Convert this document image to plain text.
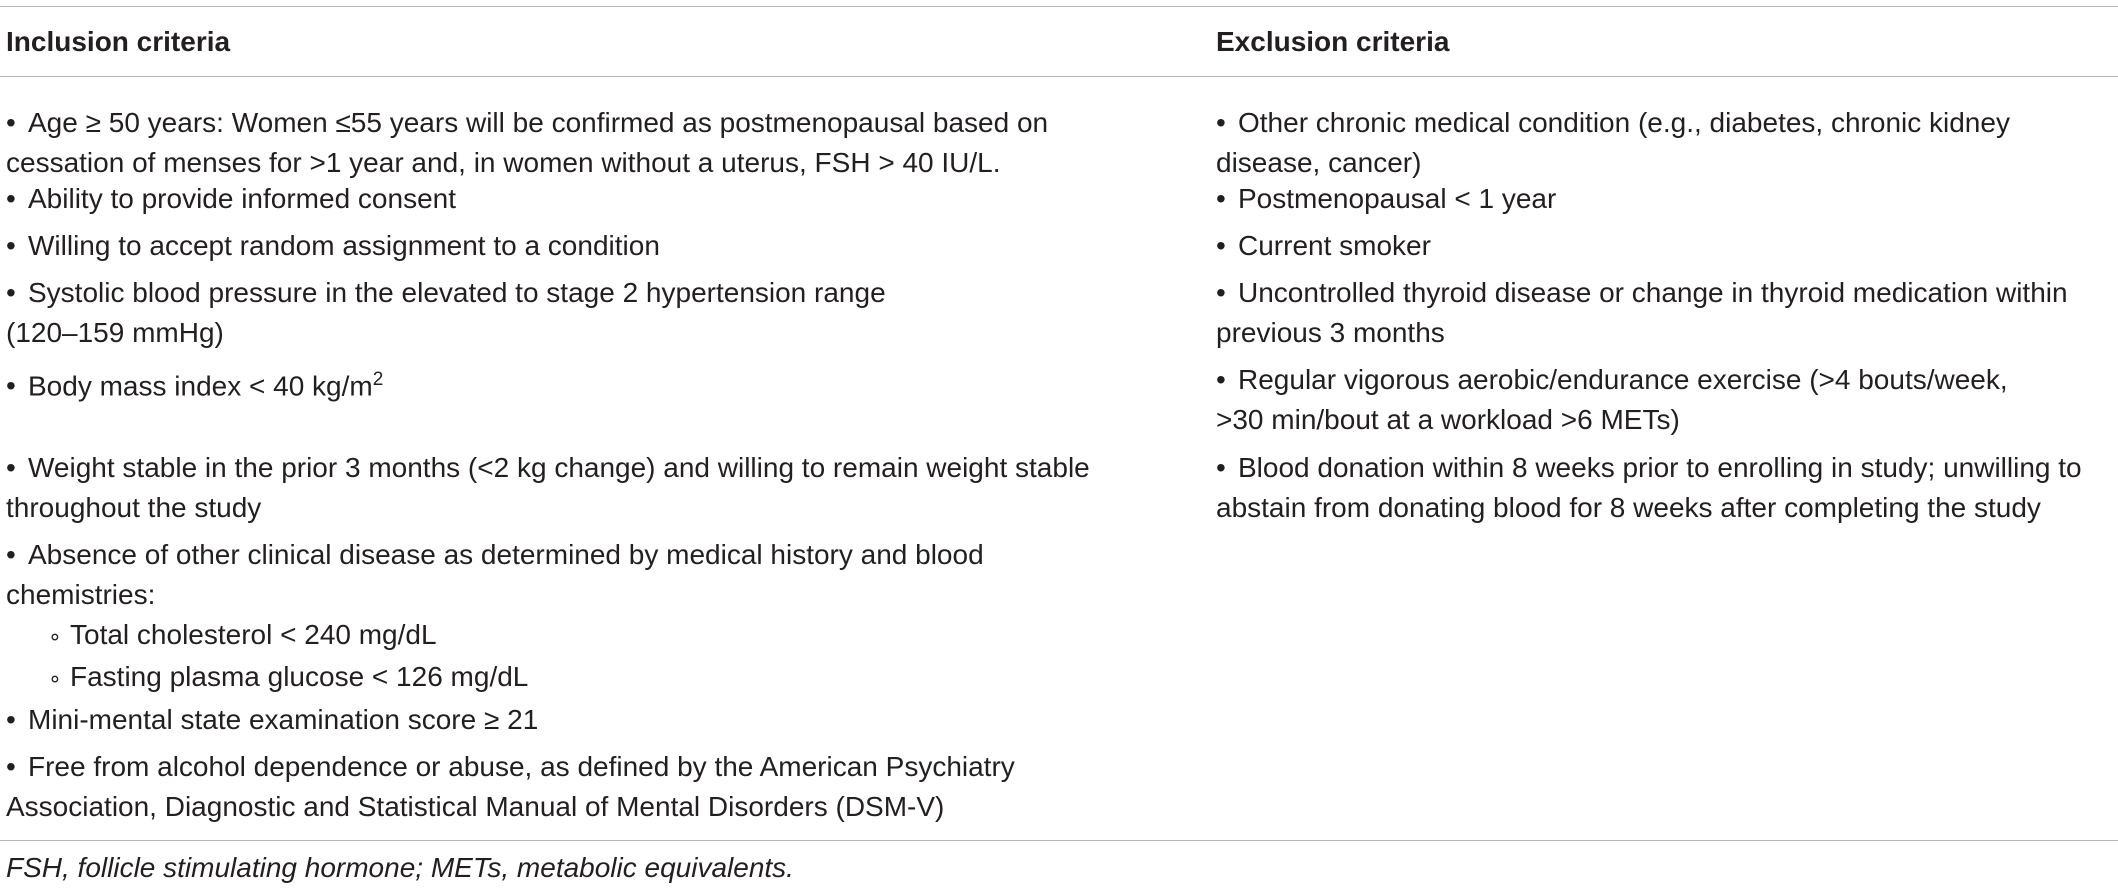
Inclusion criteria	Exclusion criteria
• Age ≥ 50 years: Women ≤55 years will be confirmed as postmenopausal based on
cessation of menses for >1 year and, in women without a uterus, FSH > 40 IU/L.
• Ability to provide informed consent
• Willing to accept random assignment to a condition
• Systolic blood pressure in the elevated to stage 2 hypertension range
(120–159 mmHg)
• Body mass index < 40 $kg/m^2$
• Weight stable in the prior 3 months (<2 kg change) and willing to remain weight stable
throughout the study
• Absence of other clinical disease as determined by medical history and blood
chemistries:
∘ Total cholesterol < 240 mg/dL
∘ Fasting plasma glucose < 126 mg/dL
• Mini-mental state examination score ≥ 21
• Free from alcohol dependence or abuse, as defined by the American Psychiatry
Association, Diagnostic and Statistical Manual of Mental Disorders (DSM-V)
• Other chronic medical condition (e.g., diabetes, chronic kidney
disease, cancer)
• Postmenopausal < 1 year
• Current smoker
• Uncontrolled thyroid disease or change in thyroid medication within
previous 3 months
• Regular vigorous aerobic/endurance exercise (>4 bouts/week,
>30 min/bout at a workload >6 METs)
• Blood donation within 8 weeks prior to enrolling in study; unwilling to
abstain from donating blood for 8 weeks after completing the study
FSH, follicle stimulating hormone; METs, metabolic equivalents.
